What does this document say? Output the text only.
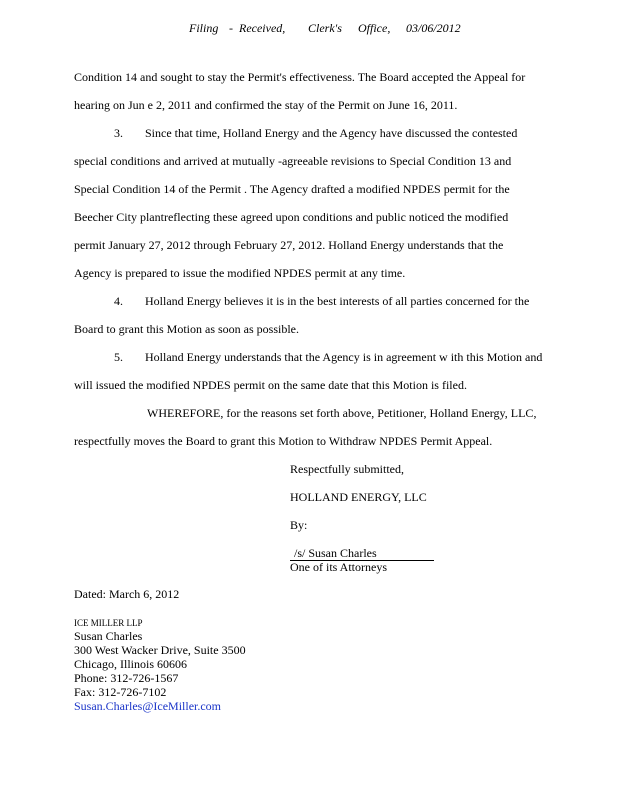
Filing

-  Received,

Clerk's

Office,

03/06/2012

Condition 14 and sought to stay the Permit's effectiveness. The Board accepted the Appeal for
hearing on Jun e 2, 2011 and confirmed the stay of the Permit on June 16, 2011.
3. Since that time, Holland Energy and the Agency have discussed the contested
special conditions and arrived at mutually -agreeable revisions to Special Condition 13 and
Special Condition 14 of the Permit . The Agency drafted a modified NPDES permit for the
Beecher City plantreflecting these agreed upon conditions and public noticed the modified
permit January 27, 2012 through February 27, 2012. Holland Energy understands that the
Agency is prepared to issue the modified NPDES permit at any time.
4. Holland Energy believes it is in the best interests of all parties concerned for the
Board to grant this Motion as soon as possible.
5. Holland Energy understands that the Agency is in agreement w ith this Motion and
will issued the modified NPDES permit on the same date that this Motion is filed.
WHEREFORE, for the reasons set forth above, Petitioner, Holland Energy, LLC,
respectfully moves the Board to grant this Motion to Withdraw NPDES Permit Appeal.
Respectfully submitted,
HOLLAND ENERGY, LLC
By:
/s/ Susan Charles
One of its Attorneys
Dated: March 6, 2012
ICE MILLER LLP
Susan Charles
300 West Wacker Drive, Suite 3500
Chicago, Illinois 60606
Phone: 312-726-1567
Fax: 312-726-7102
Susan.Charles@IceMiller.com
